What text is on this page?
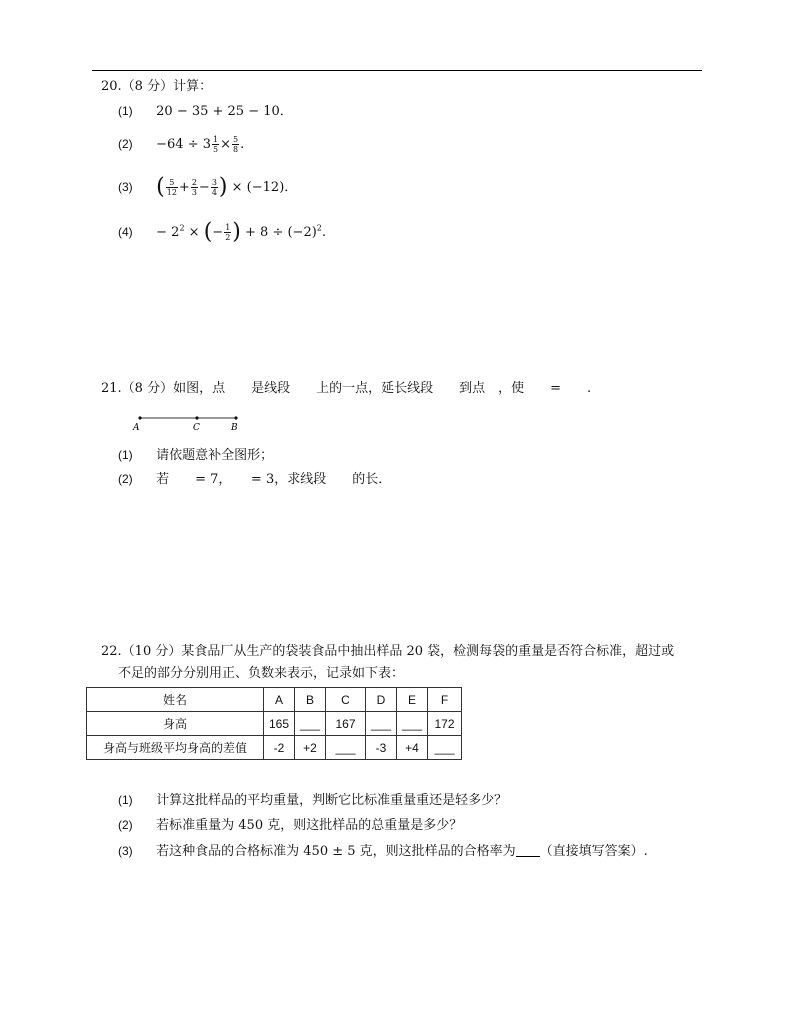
20.（8 分）计算：
(1) 20 − 35 + 25 − 10．
$(2) -64 \div 3 \frac{1}{5} \times \frac{5}{8}$ .
(3) ( $\frac{5}{12} + \frac{2}{3} - \frac{3}{4}$ ) × (−12)．
$(4) - 2^2$ × (− $\frac{1}{2}$ ) + $8 \div (-2)^2$.
21.（8 分）如图，点　　是线段　　上的一点，延长线段　　到点　，使　　=　　.
A	C	B
(1) 请依题意补全图形；
(2) 若　　= 7，　　= 3，求线段　　的长．
22.（10 分）某食品厂从生产的袋装食品中抽出样品 20 袋，检测每袋的重量是否符合标准，超过或
不足的部分分别用正、负数来表示，记录如下表：
姓名	A	B	C	D	E	F
身高	165	___	167	___	___	172
身高与班级平均身高的差值	-2	+2	___	-3	+4	___
(1) 计算这批样品的平均重量，判断它比标准重量重还是轻多少？
(2) 若标准重量为 450 克，则这批样品的总重量是多少？
(3) 若这种食品的合格标准为 450 ± 5 克，则这批样品的合格率为 （直接填写答案）.
